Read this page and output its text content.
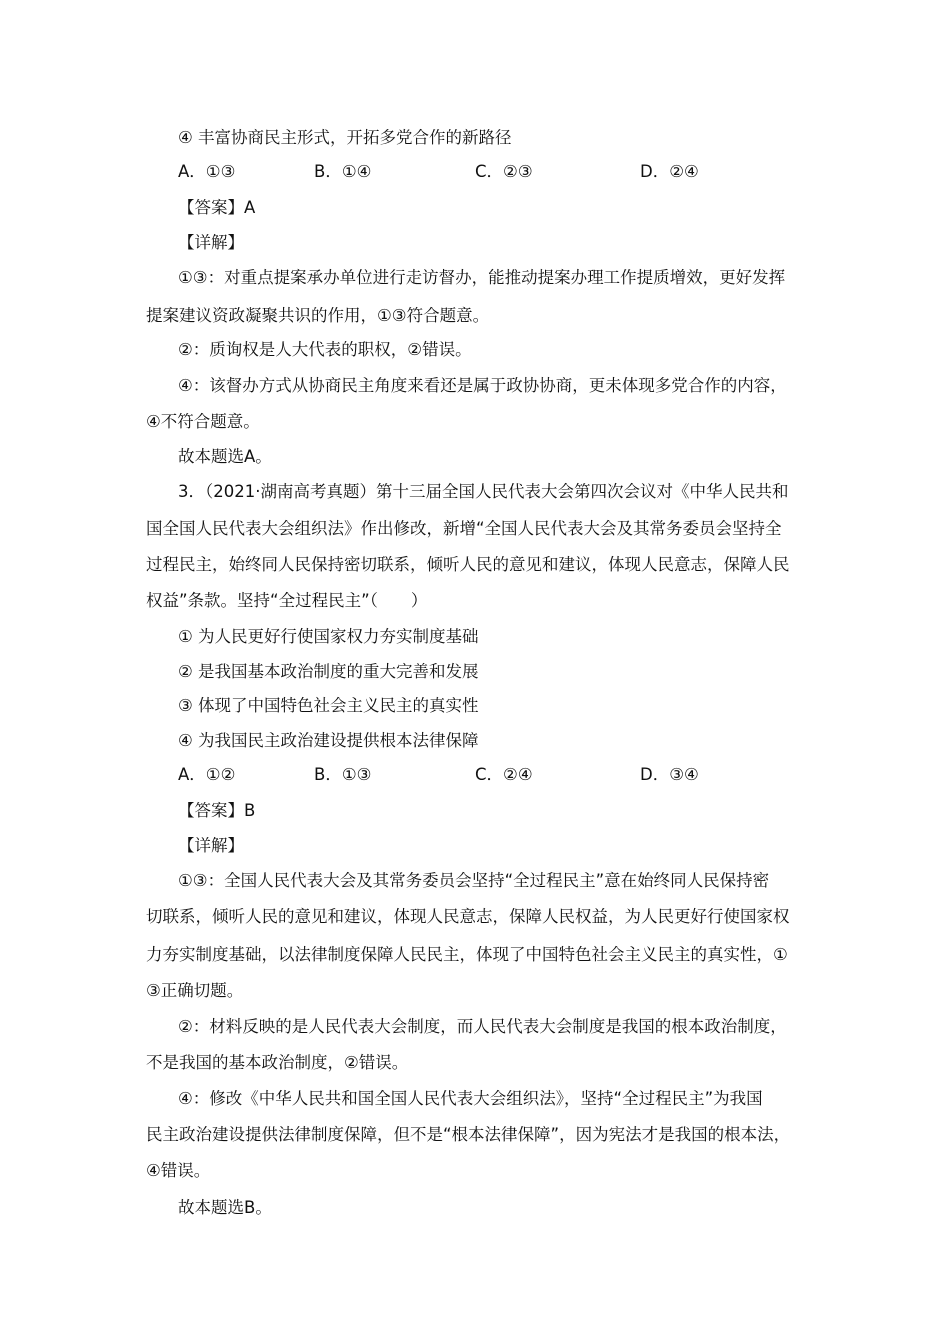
④ 丰富协商民主形式，开拓多党合作的新路径
A．①③	B．①④	C．②③	D．②④
【答案】A
【详解】
①③：对重点提案承办单位进行走访督办，能推动提案办理工作提质增效，更好发挥
提案建议资政凝聚共识的作用，①③符合题意。
②：质询权是人大代表的职权，②错误。
④：该督办方式从协商民主角度来看还是属于政协协商，更未体现多党合作的内容，
④不符合题意。
故本题选A。
3．（2021·湖南高考真题）第十三届全国人民代表大会第四次会议对《中华人民共和
国全国人民代表大会组织法》作出修改，新增“全国人民代表大会及其常务委员会坚持全
过程民主，始终同人民保持密切联系，倾听人民的意见和建议，体现人民意志，保障人民
权益”条款。坚持“全过程民主”（　　）
① 为人民更好行使国家权力夯实制度基础
② 是我国基本政治制度的重大完善和发展
③ 体现了中国特色社会主义民主的真实性
④ 为我国民主政治建设提供根本法律保障
A．①②	B．①③	C．②④	D．③④
【答案】B
【详解】
①③：全国人民代表大会及其常务委员会坚持“全过程民主”意在始终同人民保持密
切联系，倾听人民的意见和建议，体现人民意志，保障人民权益，为人民更好行使国家权
力夯实制度基础，以法律制度保障人民民主，体现了中国特色社会主义民主的真实性，①
③正确切题。
②：材料反映的是人民代表大会制度，而人民代表大会制度是我国的根本政治制度，
不是我国的基本政治制度，②错误。
④：修改《中华人民共和国全国人民代表大会组织法》，坚持“全过程民主”为我国
民主政治建设提供法律制度保障，但不是“根本法律保障”，因为宪法才是我国的根本法，
④错误。
故本题选B。
